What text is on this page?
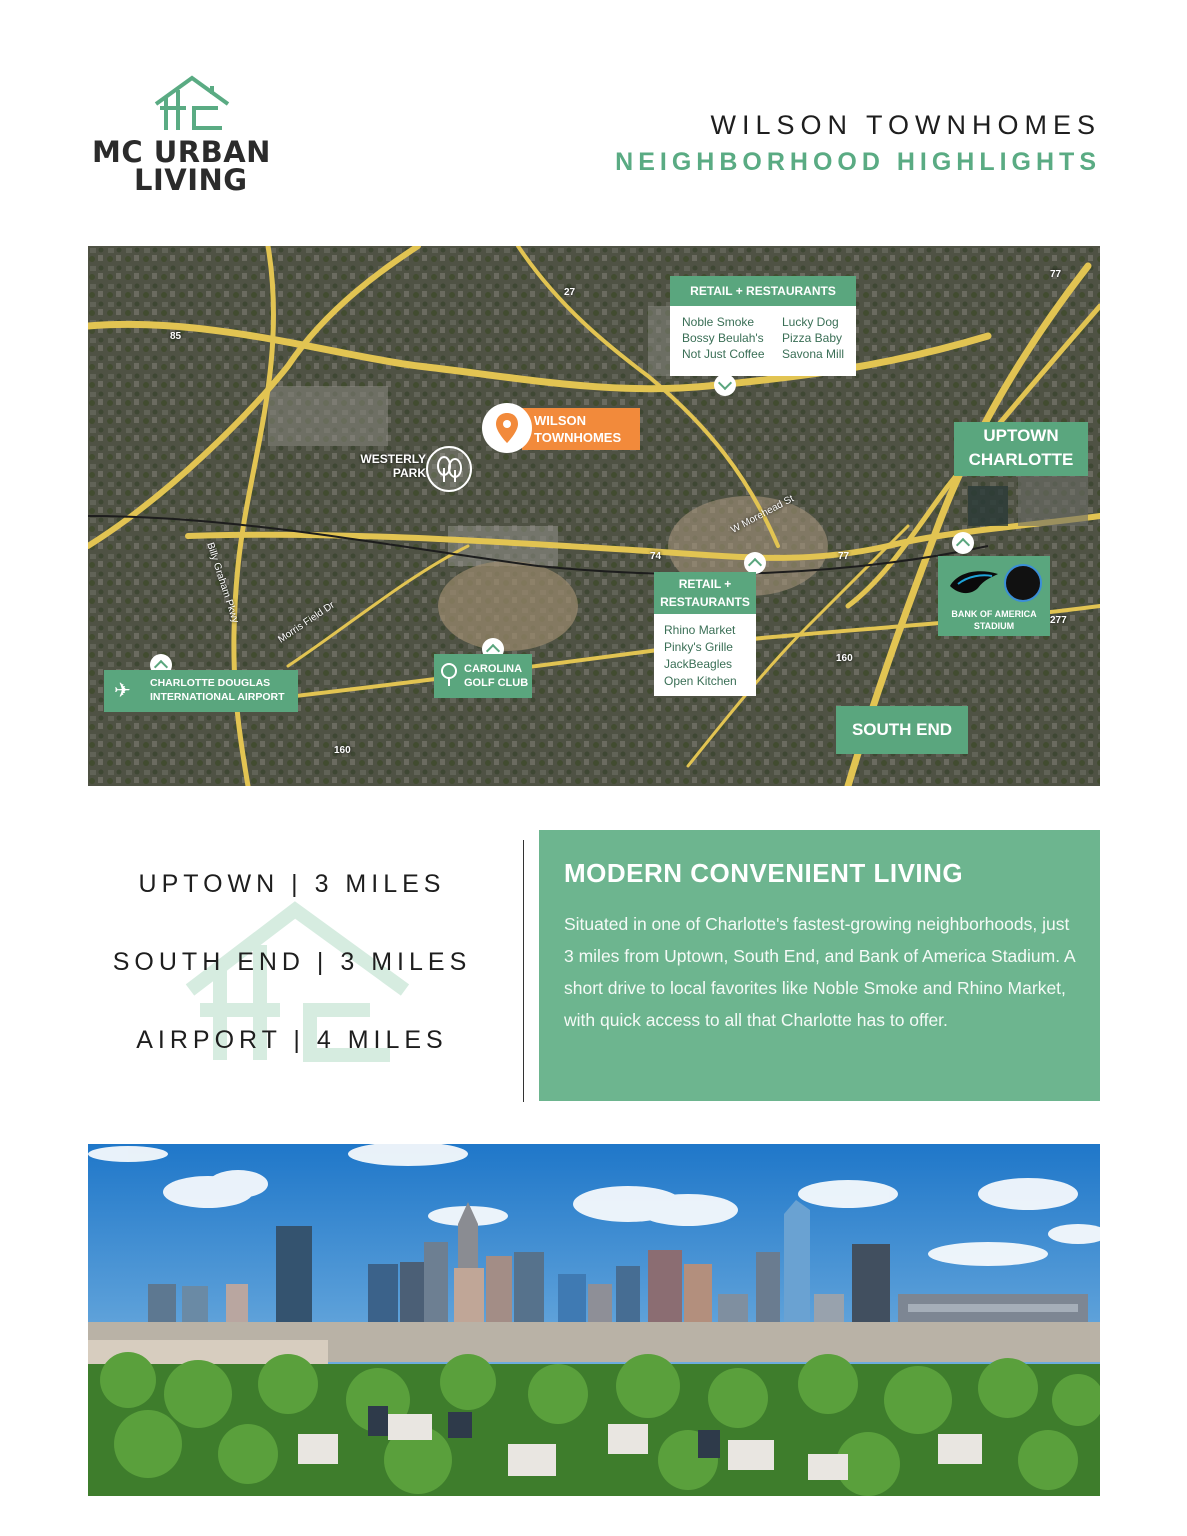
MC URBAN
LIVING
WILSON TOWNHOMES
NEIGHBORHOOD HIGHLIGHTS
27
85
77
77
74
160
160
277
W Morehead St
Morris Field Dr
Billy Graham Pkwy
RETAIL + RESTAURANTS
Noble Smoke
Bossy Beulah's
Not Just Coffee
Lucky Dog
Pizza Baby
Savona Mill
WILSON
TOWNHOMES
WESTERLY
PARK
UPTOWN
CHARLOTTE
RETAIL +
RESTAURANTS
Rhino Market
Pinky's Grille
JackBeagles
Open Kitchen
BANK OF AMERICA
STADIUM
✈	CHARLOTTE DOUGLAS
INTERNATIONAL AIRPORT
CAROLINA
GOLF CLUB
SOUTH END
UPTOWN | 3 MILES
SOUTH END | 3 MILES
AIRPORT | 4 MILES
MODERN CONVENIENT LIVING
Situated in one of Charlotte's fastest-growing neighborhoods, just 3 miles from Uptown, South End, and Bank of America Stadium. A short drive to local favorites like Noble Smoke and Rhino Market, with quick access to all that Charlotte has to offer.
